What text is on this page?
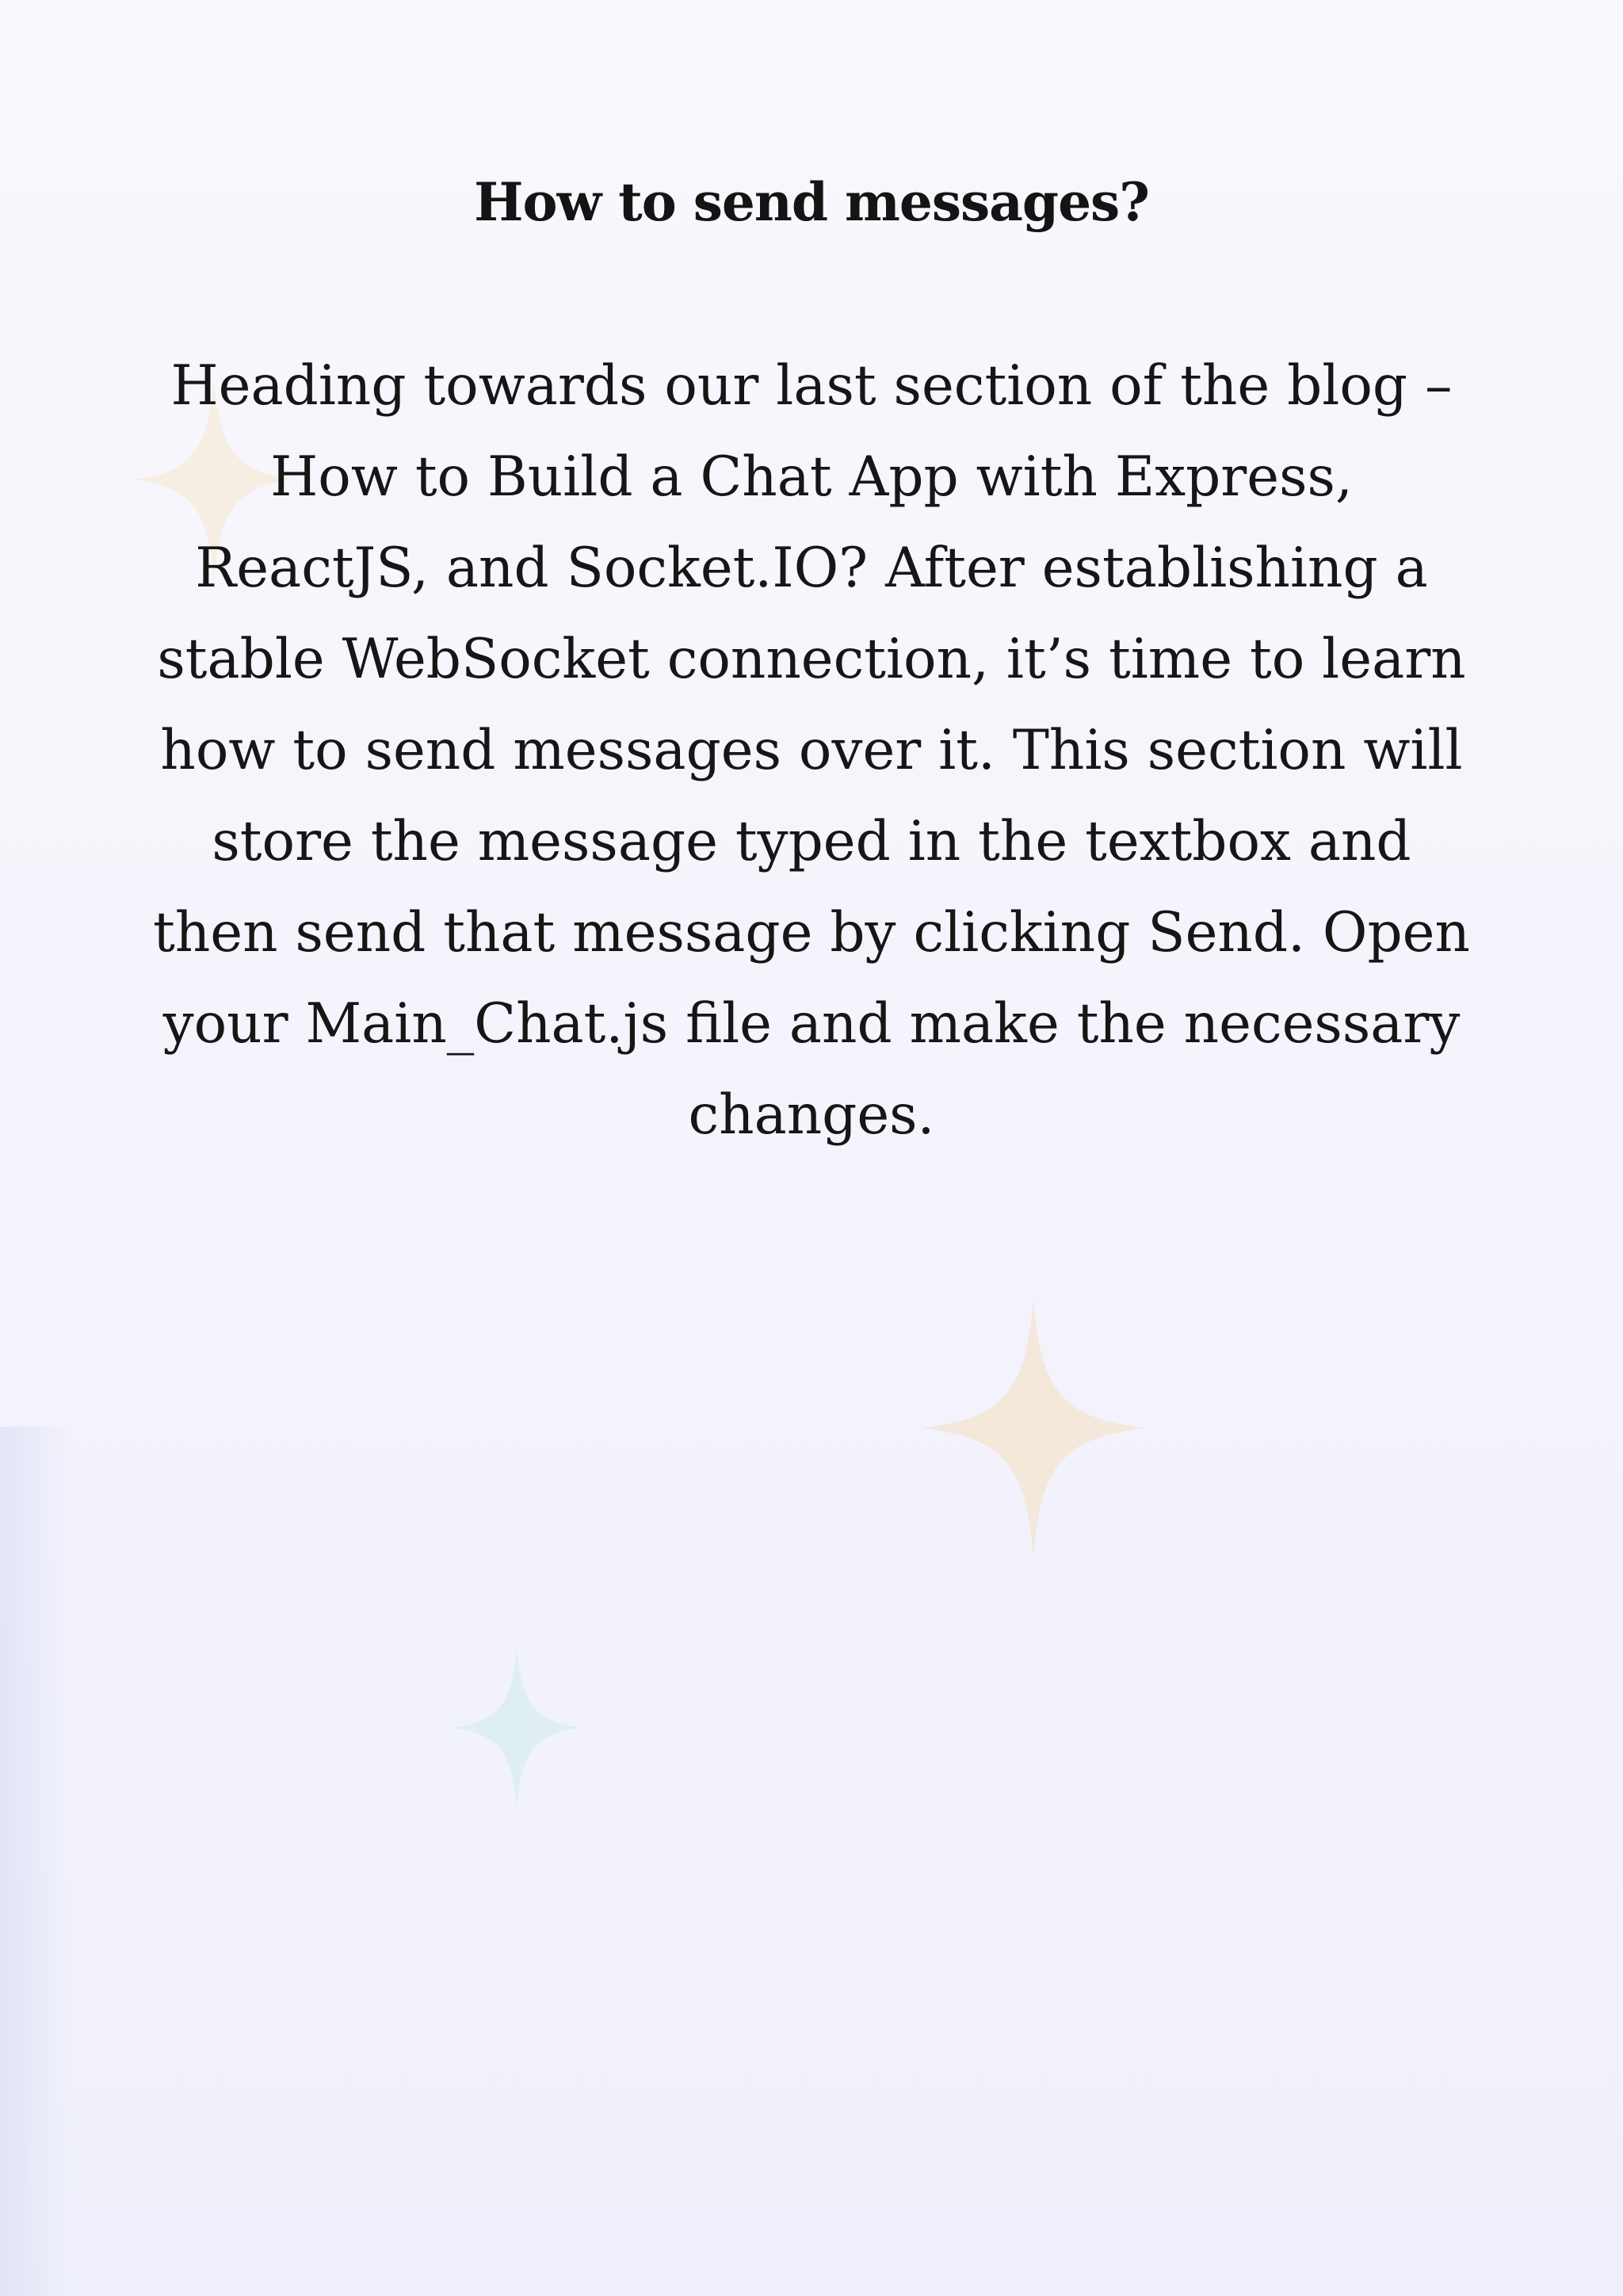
How to send messages?

Heading towards our last section of the blog – How to Build a Chat App with Express, ReactJS, and Socket.IO? After establishing a stable WebSocket connection, it’s time to learn how to send messages over it. This section will store the message typed in the textbox and then send that message by clicking Send. Open your Main_Chat.js file and make the necessary changes.
